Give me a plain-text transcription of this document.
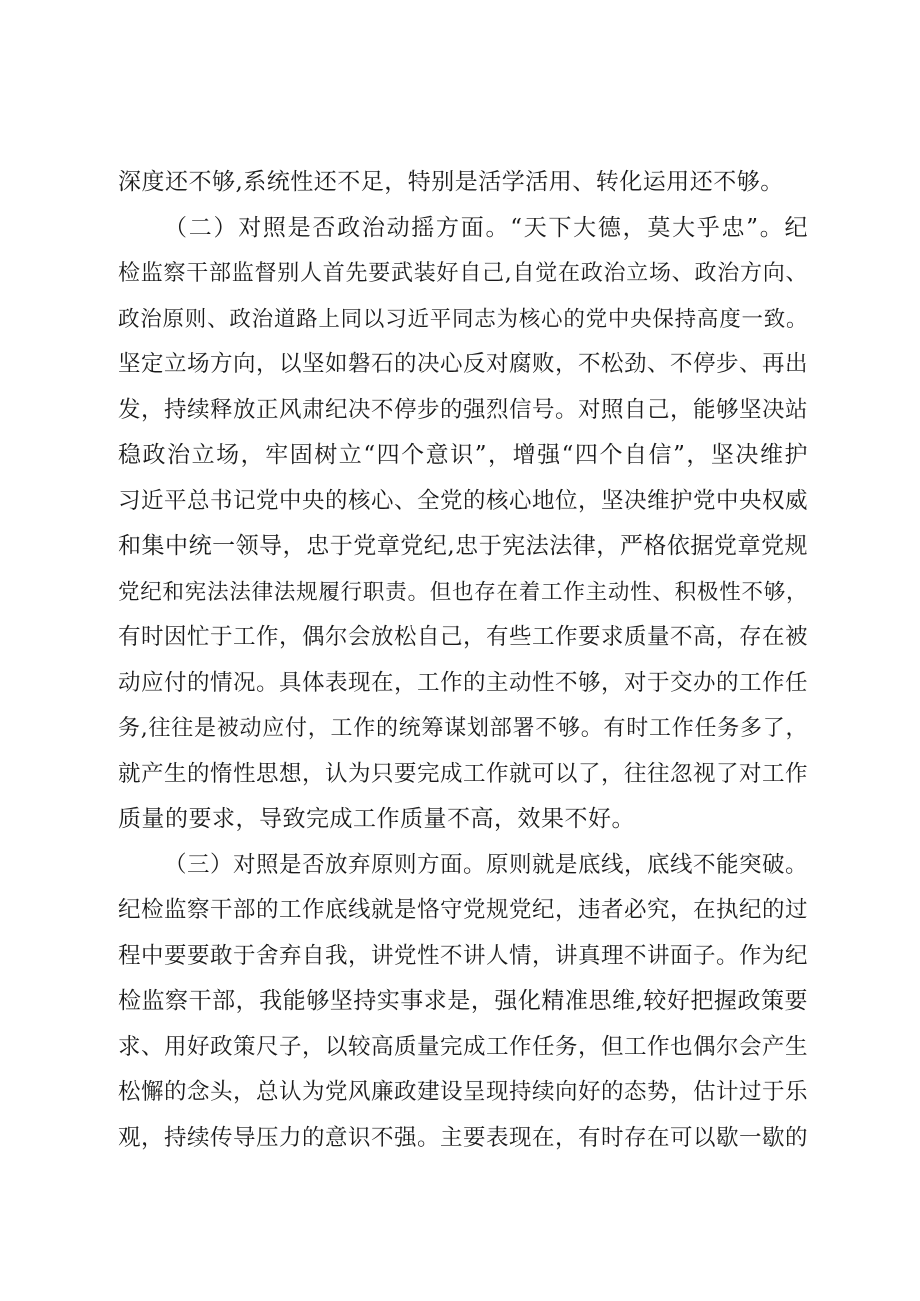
深度还不够,系统性还不足，特别是活学活用、转化运用还不够。
（二）对照是否政治动摇方面。“天下大德，莫大乎忠”。纪
检监察干部监督别人首先要武装好自己,自觉在政治立场、政治方向、
政治原则、政治道路上同以习近平同志为核心的党中央保持高度一致。
坚定立场方向，以坚如磐石的决心反对腐败，不松劲、不停步、再出
发，持续释放正风肃纪决不停步的强烈信号。对照自己，能够坚决站
稳政治立场，牢固树立“四个意识”，增强“四个自信”，坚决维护
习近平总书记党中央的核心、全党的核心地位，坚决维护党中央权威
和集中统一领导，忠于党章党纪,忠于宪法法律，严格依据党章党规
党纪和宪法法律法规履行职责。但也存在着工作主动性、积极性不够，
有时因忙于工作，偶尔会放松自己，有些工作要求质量不高，存在被
动应付的情况。具体表现在，工作的主动性不够，对于交办的工作任
务,往往是被动应付，工作的统筹谋划部署不够。有时工作任务多了，
就产生的惰性思想，认为只要完成工作就可以了，往往忽视了对工作
质量的要求，导致完成工作质量不高，效果不好。
（三）对照是否放弃原则方面。原则就是底线，底线不能突破。
纪检监察干部的工作底线就是恪守党规党纪，违者必究，在执纪的过
程中要要敢于舍弃自我，讲党性不讲人情，讲真理不讲面子。作为纪
检监察干部，我能够坚持实事求是，强化精准思维,较好把握政策要
求、用好政策尺子，以较高质量完成工作任务，但工作也偶尔会产生
松懈的念头，总认为党风廉政建设呈现持续向好的态势，估计过于乐
观，持续传导压力的意识不强。主要表现在，有时存在可以歇一歇的
